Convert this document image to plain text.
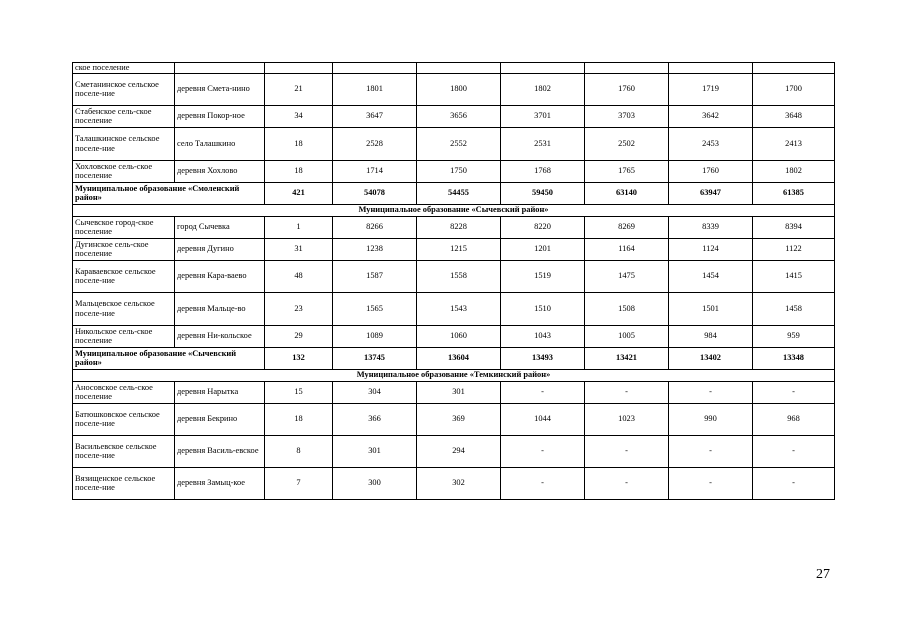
ское поселение								
Сметанинское сельское поселе-ние	деревня Смета-нино	21	1801	1800	1802	1760	1719	1700
Стабенское сель-ское поселение	деревня Покор-ное	34	3647	3656	3701	3703	3642	3648
Талашкинское сельское поселе-ние	село Талашкино	18	2528	2552	2531	2502	2453	2413
Хохловское сель-ское поселение	деревня Хохлово	18	1714	1750	1768	1765	1760	1802
Муниципальное образование «Смоленский район»		421	54078	54455	59450	63140	63947	61385
Муниципальное образование «Сычевский район»								
Сычевское город-ское поселение	город Сычевка	1	8266	8228	8220	8269	8339	8394
Дугинское сель-ское поселение	деревня Дугино	31	1238	1215	1201	1164	1124	1122
Караваевское сельское поселе-ние	деревня Кара-ваево	48	1587	1558	1519	1475	1454	1415
Мальцевское сельское поселе-ние	деревня Мальце-во	23	1565	1543	1510	1508	1501	1458
Никольское сель-ское поселение	деревня Ни-кольское	29	1089	1060	1043	1005	984	959
Муниципальное образование «Сычевский район»		132	13745	13604	13493	13421	13402	13348
Муниципальное образование «Темкинский район»								
Аносовское сель-ское поселение	деревня Нарытка	15	304	301	-	-	-	-
Батюшковское сельское поселе-ние	деревня Бекрино	18	366	369	1044	1023	990	968
Васильевское сельское поселе-ние	деревня Василь-евское	8	301	294	-	-	-	-
Вязищенское сельское поселе-ние	деревня Замыц-кое	7	300	302	-	-	-	-
27
